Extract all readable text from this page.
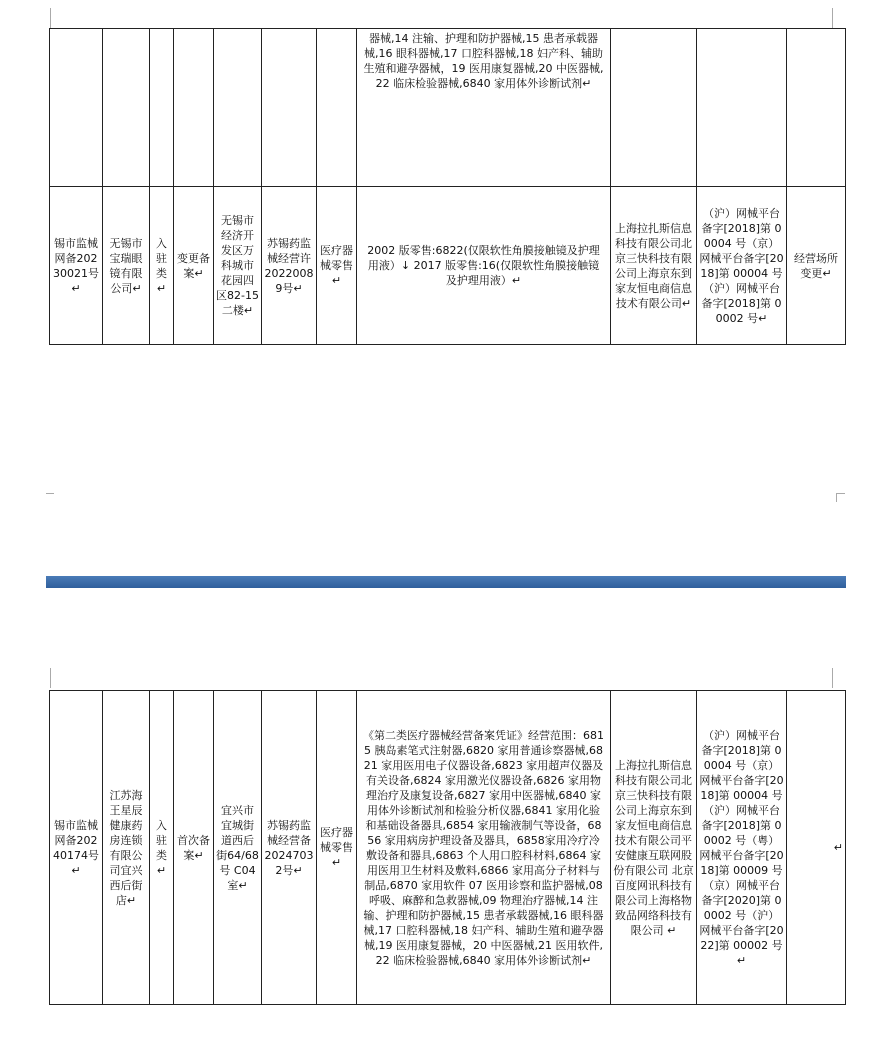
							器械,14 注输、护理和防护器械,15 患者承载器械,16 眼科器械,17 口腔科器械,18 妇产科、辅助生殖和避孕器械，19 医用康复器械,20 中医器械,22 临床检验器械,6840 家用体外诊断试剂↵			
锡市监械网备20230021号↵	无锡市宝瑞眼镜有限公司↵	入驻类↵	变更备案↵	无锡市经济开发区万科城市花园四区82-15二楼↵	苏锡药监械经营许20220089号↵	医疗器械零售↵	2002 版零售:6822(仅限软性角膜接触镜及护理用液）↓ 2017 版零售:16(仅限软性角膜接触镜及护理用液）↵	上海拉扎斯信息科技有限公司北京三快科技有限公司上海京东到家友恒电商信息技术有限公司↵	（沪）网械平台备字[2018]第 00004 号（京）网械平台备字[2018]第 00004 号（沪）网械平台备字[2018]第 00002 号↵	经营场所变更↵
锡市监械网备20240174号↵	江苏海王星辰健康药房连锁有限公司宜兴西后街店↵	入驻类↵	首次备案↵	宜兴市宜城街道西后街64/68号 C04室↵	苏锡药监械经营备20247032号↵	医疗器械零售↵	《第二类医疗器械经营备案凭证》经营范围：6815 胰岛素笔式注射器,6820 家用普通诊察器械,6821 家用医用电子仪器设备,6823 家用超声仪器及有关设备,6824 家用激光仪器设备,6826 家用物理治疗及康复设备,6827 家用中医器械,6840 家用体外诊断试剂和检验分析仪器,6841 家用化验和基础设备器具,6854 家用输液制气等设备，6856 家用病房护理设备及器具，6858家用冷疗冷敷设备和器具,6863 个人用口腔科材料,6864 家用医用卫生材料及敷料,6866 家用高分子材料与制品,6870 家用软件 07 医用诊察和监护器械,08 呼吸、麻醉和急救器械,09 物理治疗器械,14 注输、护理和防护器械,15 患者承载器械,16 眼科器械,17 口腔科器械,18 妇产科、辅助生殖和避孕器械,19 医用康复器械，20 中医器械,21 医用软件,22 临床检验器械,6840 家用体外诊断试剂↵	上海拉扎斯信息科技有限公司北京三快科技有限公司上海京东到家友恒电商信息技术有限公司平安健康互联网股份有限公司 北京百度网讯科技有限公司上海格物致品网络科技有限公司 ↵	（沪）网械平台备字[2018]第 00004 号（京）网械平台备字[2018]第 00004 号（沪）网械平台备字[2018]第 00002 号（粤）网械平台备字[2018]第 00009 号（京）网械平台备字[2020]第 00002 号（沪）网械平台备字[2022]第 00002 号↵	↵
